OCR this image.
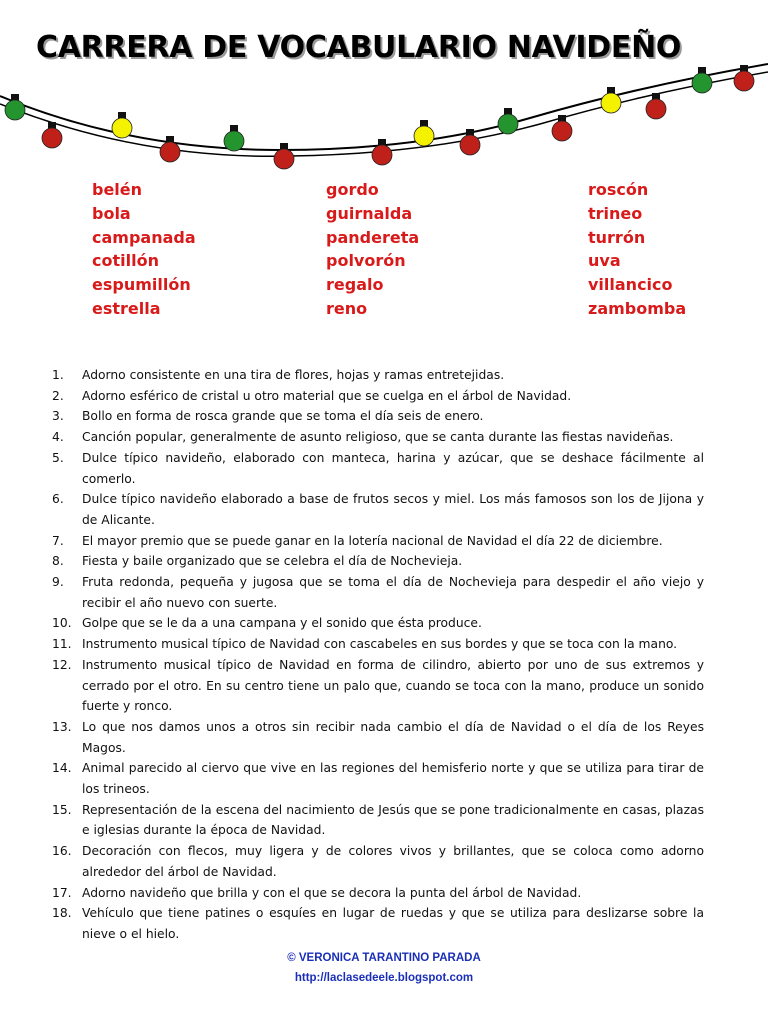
CARRERA DE VOCABULARIO NAVIDEÑO
belén
bola
campanada
cotillón
espumillón
estrella
gordo
guirnalda
pandereta
polvorón
regalo
reno
roscón
trineo
turrón
uva
villancico
zambomba
1. Adorno consistente en una tira de flores, hojas y ramas entretejidas.
2. Adorno esférico de cristal u otro material que se cuelga en el árbol de Navidad.
3. Bollo en forma de rosca grande que se toma el día seis de enero.
4. Canción popular, generalmente de asunto religioso, que se canta durante las fiestas navideñas.
5. Dulce típico navideño, elaborado con manteca, harina y azúcar, que se deshace fácilmente al comerlo.
6. Dulce típico navideño elaborado a base de frutos secos y miel. Los más famosos son los de Jijona y de Alicante.
7. El mayor premio que se puede ganar en la lotería nacional de Navidad el día 22 de diciembre.
8. Fiesta y baile organizado que se celebra el día de Nochevieja.
9. Fruta redonda, pequeña y jugosa que se toma el día de Nochevieja para despedir el año viejo y recibir el año nuevo con suerte.
10. Golpe que se le da a una campana y el sonido que ésta produce.
11. Instrumento musical típico de Navidad con cascabeles en sus bordes y que se toca con la mano.
12. Instrumento musical típico de Navidad en forma de cilindro, abierto por uno de sus extremos y cerrado por el otro. En su centro tiene un palo que, cuando se toca con la mano, produce un sonido fuerte y ronco.
13. Lo que nos damos unos a otros sin recibir nada cambio el día de Navidad o el día de los Reyes Magos.
14. Animal parecido al ciervo que vive en las regiones del hemisferio norte y que se utiliza para tirar de los trineos.
15. Representación de la escena del nacimiento de Jesús que se pone tradicionalmente en casas, plazas e iglesias durante la época de Navidad.
16. Decoración con flecos, muy ligera y de colores vivos y brillantes, que se coloca como adorno alrededor del árbol de Navidad.
17. Adorno navideño que brilla y con el que se decora la punta del árbol de Navidad.
18. Vehículo que tiene patines o esquíes en lugar de ruedas y que se utiliza para deslizarse sobre la nieve o el hielo.
© VERONICA TARANTINO PARADA
http://laclasedeele.blogspot.com
